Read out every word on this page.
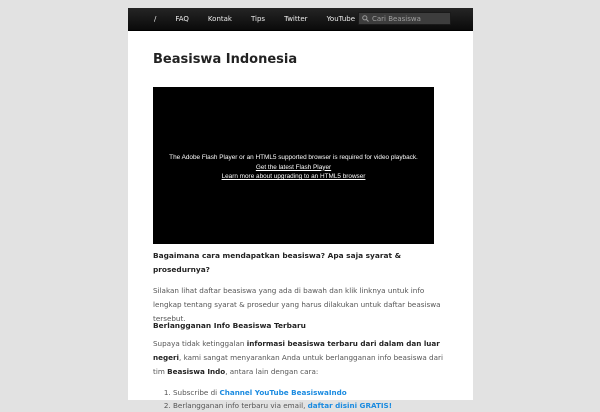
/	FAQ	Kontak	Tips	Twitter	YouTube
Cari Beasiswa
Beasiswa Indonesia
The Adobe Flash Player or an HTML5 supported browser is required for video playback.
Get the latest Flash Player
Learn more about upgrading to an HTML5 browser
Bagaimana cara mendapatkan beasiswa? Apa saja syarat & prosedurnya?
Silakan lihat daftar beasiswa yang ada di bawah dan klik linknya untuk info lengkap tentang syarat & prosedur yang harus dilakukan untuk daftar beasiswa tersebut.
Berlangganan Info Beasiswa Terbaru
Supaya tidak ketinggalan informasi beasiswa terbaru dari dalam dan luar negeri, kami sangat menyarankan Anda untuk berlangganan info beasiswa dari tim Beasiswa Indo, antara lain dengan cara:
1. Subscribe di Channel YouTube BeasiswaIndo
2. Berlangganan info terbaru via email, daftar disini GRATIS!
